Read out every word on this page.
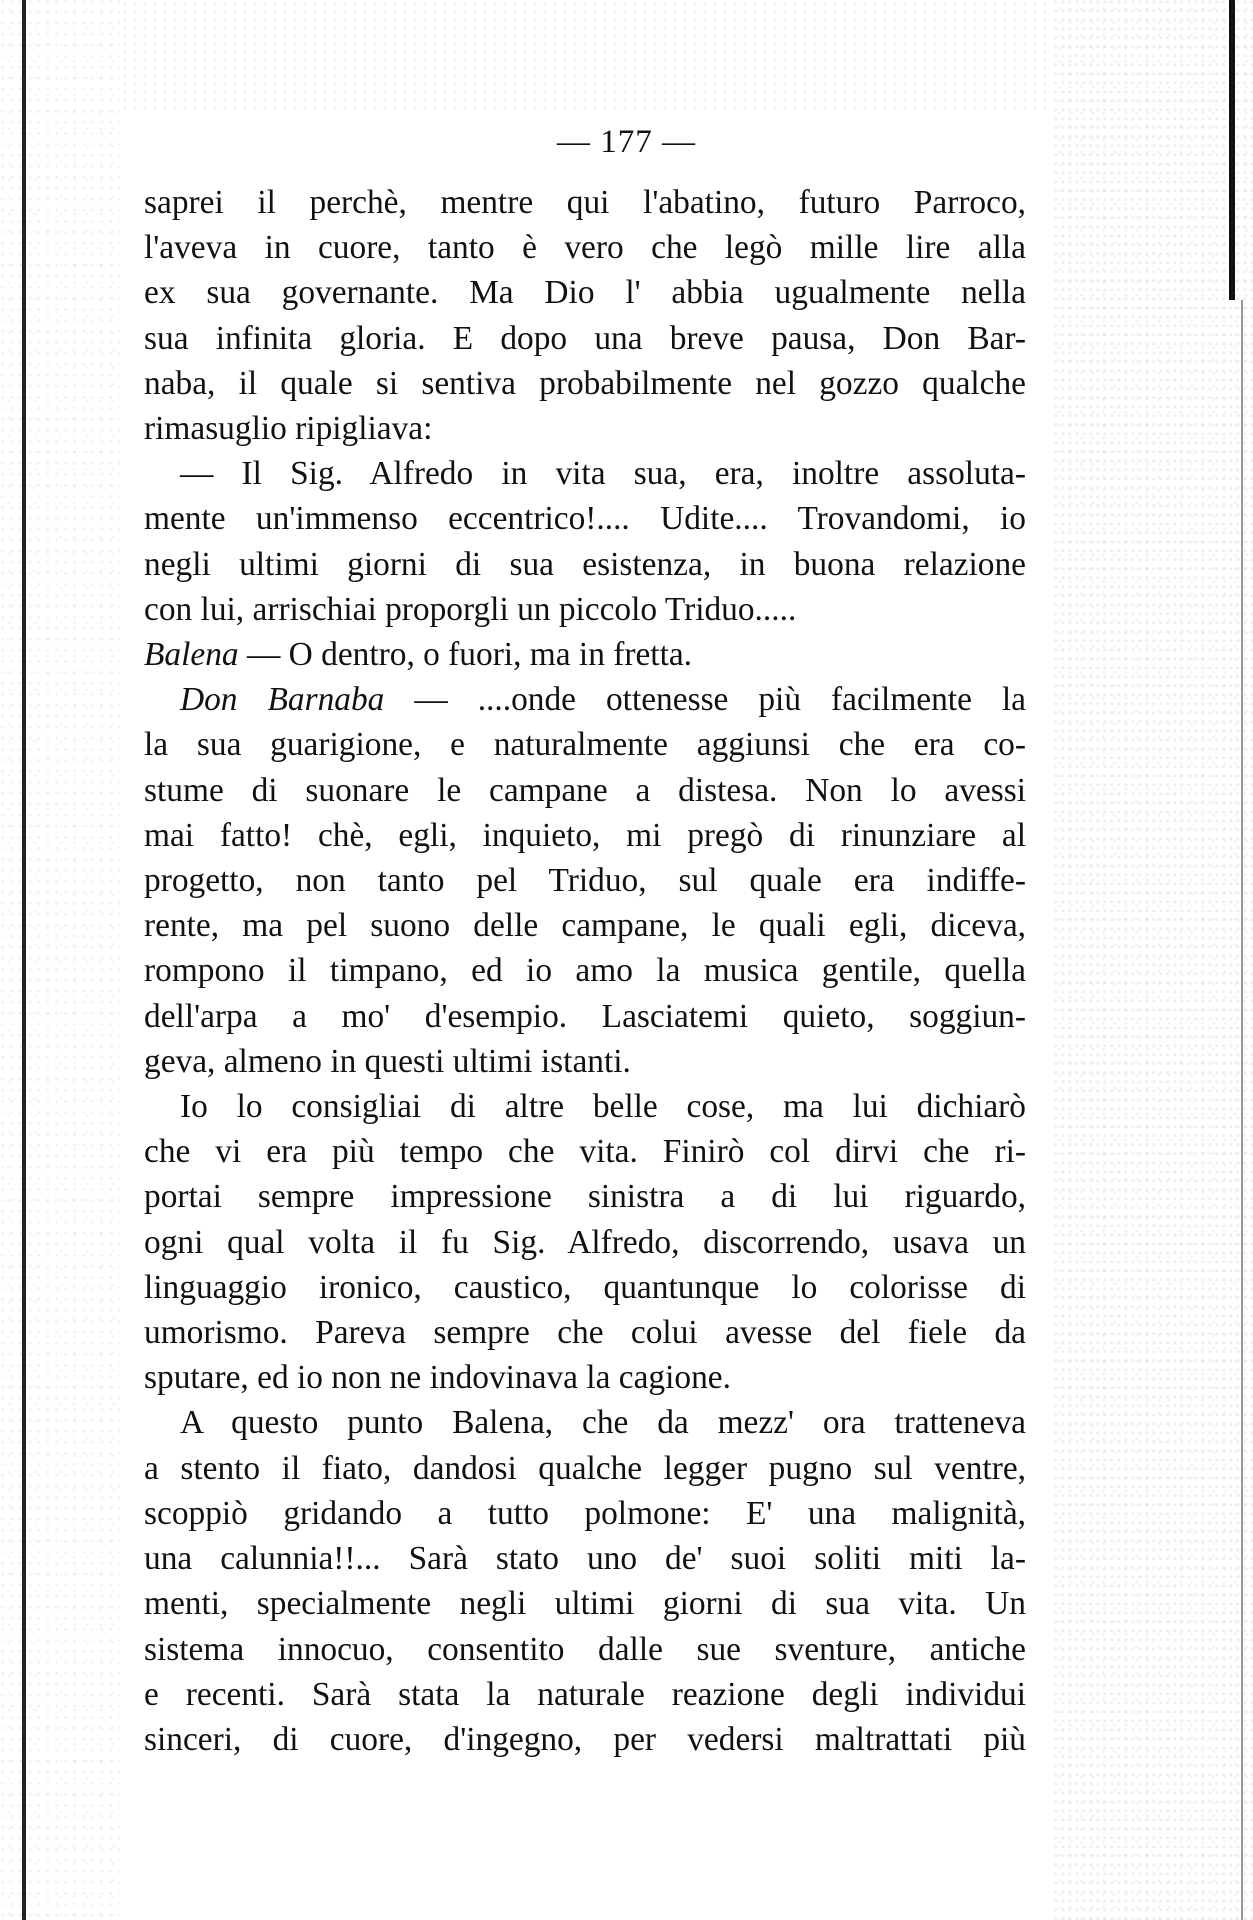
— 177 —
saprei il perchè, mentre qui l'abatino, futuro Parroco,
l'aveva in cuore, tanto è vero che legò mille lire alla
ex sua governante. Ma Dio l' abbia ugualmente nella
sua infinita gloria. E dopo una breve pausa, Don Bar-
naba, il quale si sentiva probabilmente nel gozzo qualche
rimasuglio ripigliava:
— Il Sig. Alfredo in vita sua, era, inoltre assoluta-
mente un'immenso eccentrico!.... Udite.... Trovandomi, io
negli ultimi giorni di sua esistenza, in buona relazione
con lui, arrischiai proporgli un piccolo Triduo.....
Balena — O dentro, o fuori, ma in fretta.
Don Barnaba — ....onde ottenesse più facilmente la
la sua guarigione, e naturalmente aggiunsi che era co-
stume di suonare le campane a distesa. Non lo avessi
mai fatto! chè, egli, inquieto, mi pregò di rinunziare al
progetto, non tanto pel Triduo, sul quale era indiffe-
rente, ma pel suono delle campane, le quali egli, diceva,
rompono il timpano, ed io amo la musica gentile, quella
dell'arpa a mo' d'esempio. Lasciatemi quieto, soggiun-
geva, almeno in questi ultimi istanti.
Io lo consigliai di altre belle cose, ma lui dichiarò
che vi era più tempo che vita. Finirò col dirvi che ri-
portai sempre impressione sinistra a di lui riguardo,
ogni qual volta il fu Sig. Alfredo, discorrendo, usava un
linguaggio ironico, caustico, quantunque lo colorisse di
umorismo. Pareva sempre che colui avesse del fiele da
sputare, ed io non ne indovinava la cagione.
A questo punto Balena, che da mezz' ora tratteneva
a stento il fiato, dandosi qualche legger pugno sul ventre,
scoppiò gridando a tutto polmone: E' una malignità,
una calunnia!!... Sarà stato uno de' suoi soliti miti la-
menti, specialmente negli ultimi giorni di sua vita. Un
sistema innocuo, consentito dalle sue sventure, antiche
e recenti. Sarà stata la naturale reazione degli individui
sinceri, di cuore, d'ingegno, per vedersi maltrattati più
